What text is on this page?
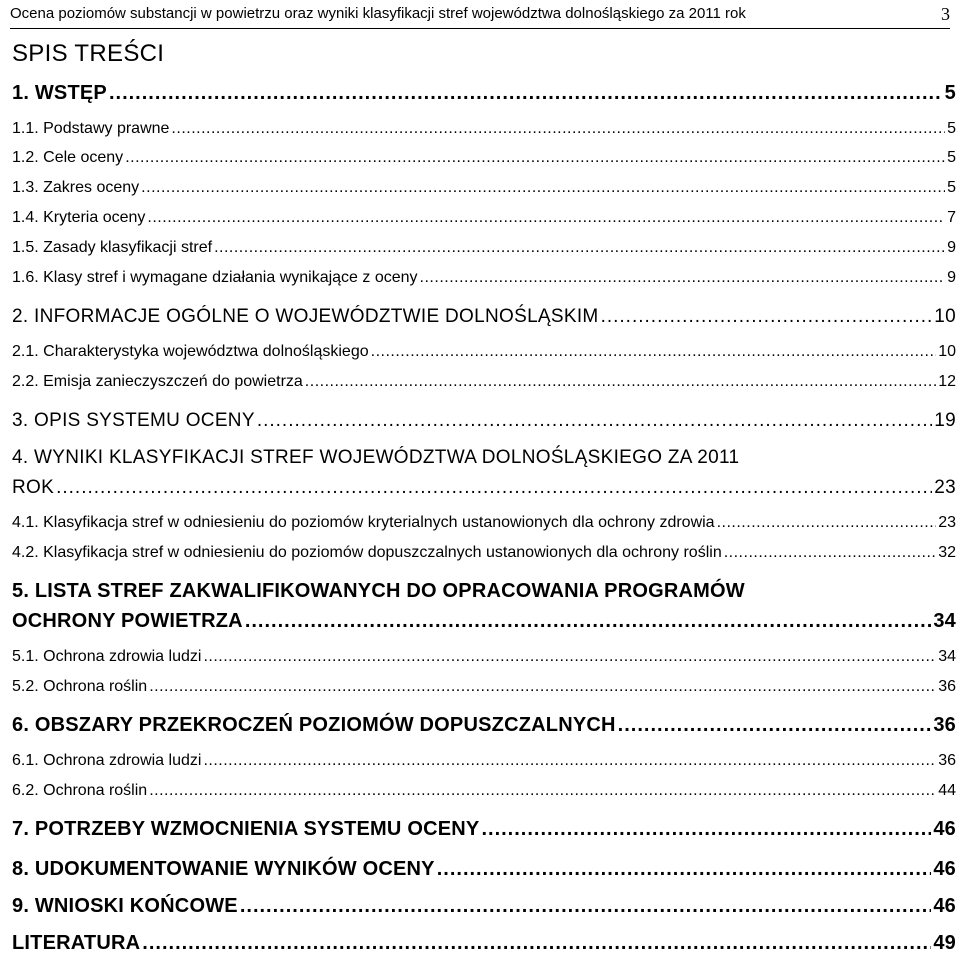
Ocena poziomów substancji w powietrzu oraz wyniki klasyfikacji stref województwa dolnośląskiego za 2011 rok	3
SPIS TREŚCI
1. WSTĘP .....	5
1.1. Podstawy prawne .....	5
1.2. Cele oceny .....	5
1.3. Zakres oceny .....	5
1.4. Kryteria oceny .....	7
1.5. Zasady klasyfikacji stref .....	9
1.6. Klasy stref i wymagane działania wynikające z oceny .....	9
2. INFORMACJE OGÓLNE O WOJEWÓDZTWIE DOLNOŚLĄSKIM .....	10
2.1. Charakterystyka województwa dolnośląskiego .....	10
2.2. Emisja zanieczyszczeń do powietrza .....	12
3. OPIS SYSTEMU OCENY .....	19
4. WYNIKI KLASYFIKACJI STREF WOJEWÓDZTWA DOLNOŚLĄSKIEGO ZA 2011
ROK .....	23
4.1. Klasyfikacja stref w odniesieniu do poziomów kryterialnych ustanowionych dla ochrony zdrowia .....	23
4.2. Klasyfikacja stref w odniesieniu do poziomów dopuszczalnych ustanowionych dla ochrony roślin .....	32
5. LISTA STREF ZAKWALIFIKOWANYCH DO OPRACOWANIA PROGRAMÓW
OCHRONY POWIETRZA .....	34
5.1. Ochrona zdrowia ludzi .....	34
5.2. Ochrona roślin .....	36
6. OBSZARY PRZEKROCZEŃ POZIOMÓW DOPUSZCZALNYCH .....	36
6.1. Ochrona zdrowia ludzi .....	36
6.2. Ochrona roślin .....	44
7. POTRZEBY WZMOCNIENIA SYSTEMU OCENY .....	46
8. UDOKUMENTOWANIE WYNIKÓW OCENY .....	46
9. WNIOSKI KOŃCOWE .....	46
LITERATURA .....	49
